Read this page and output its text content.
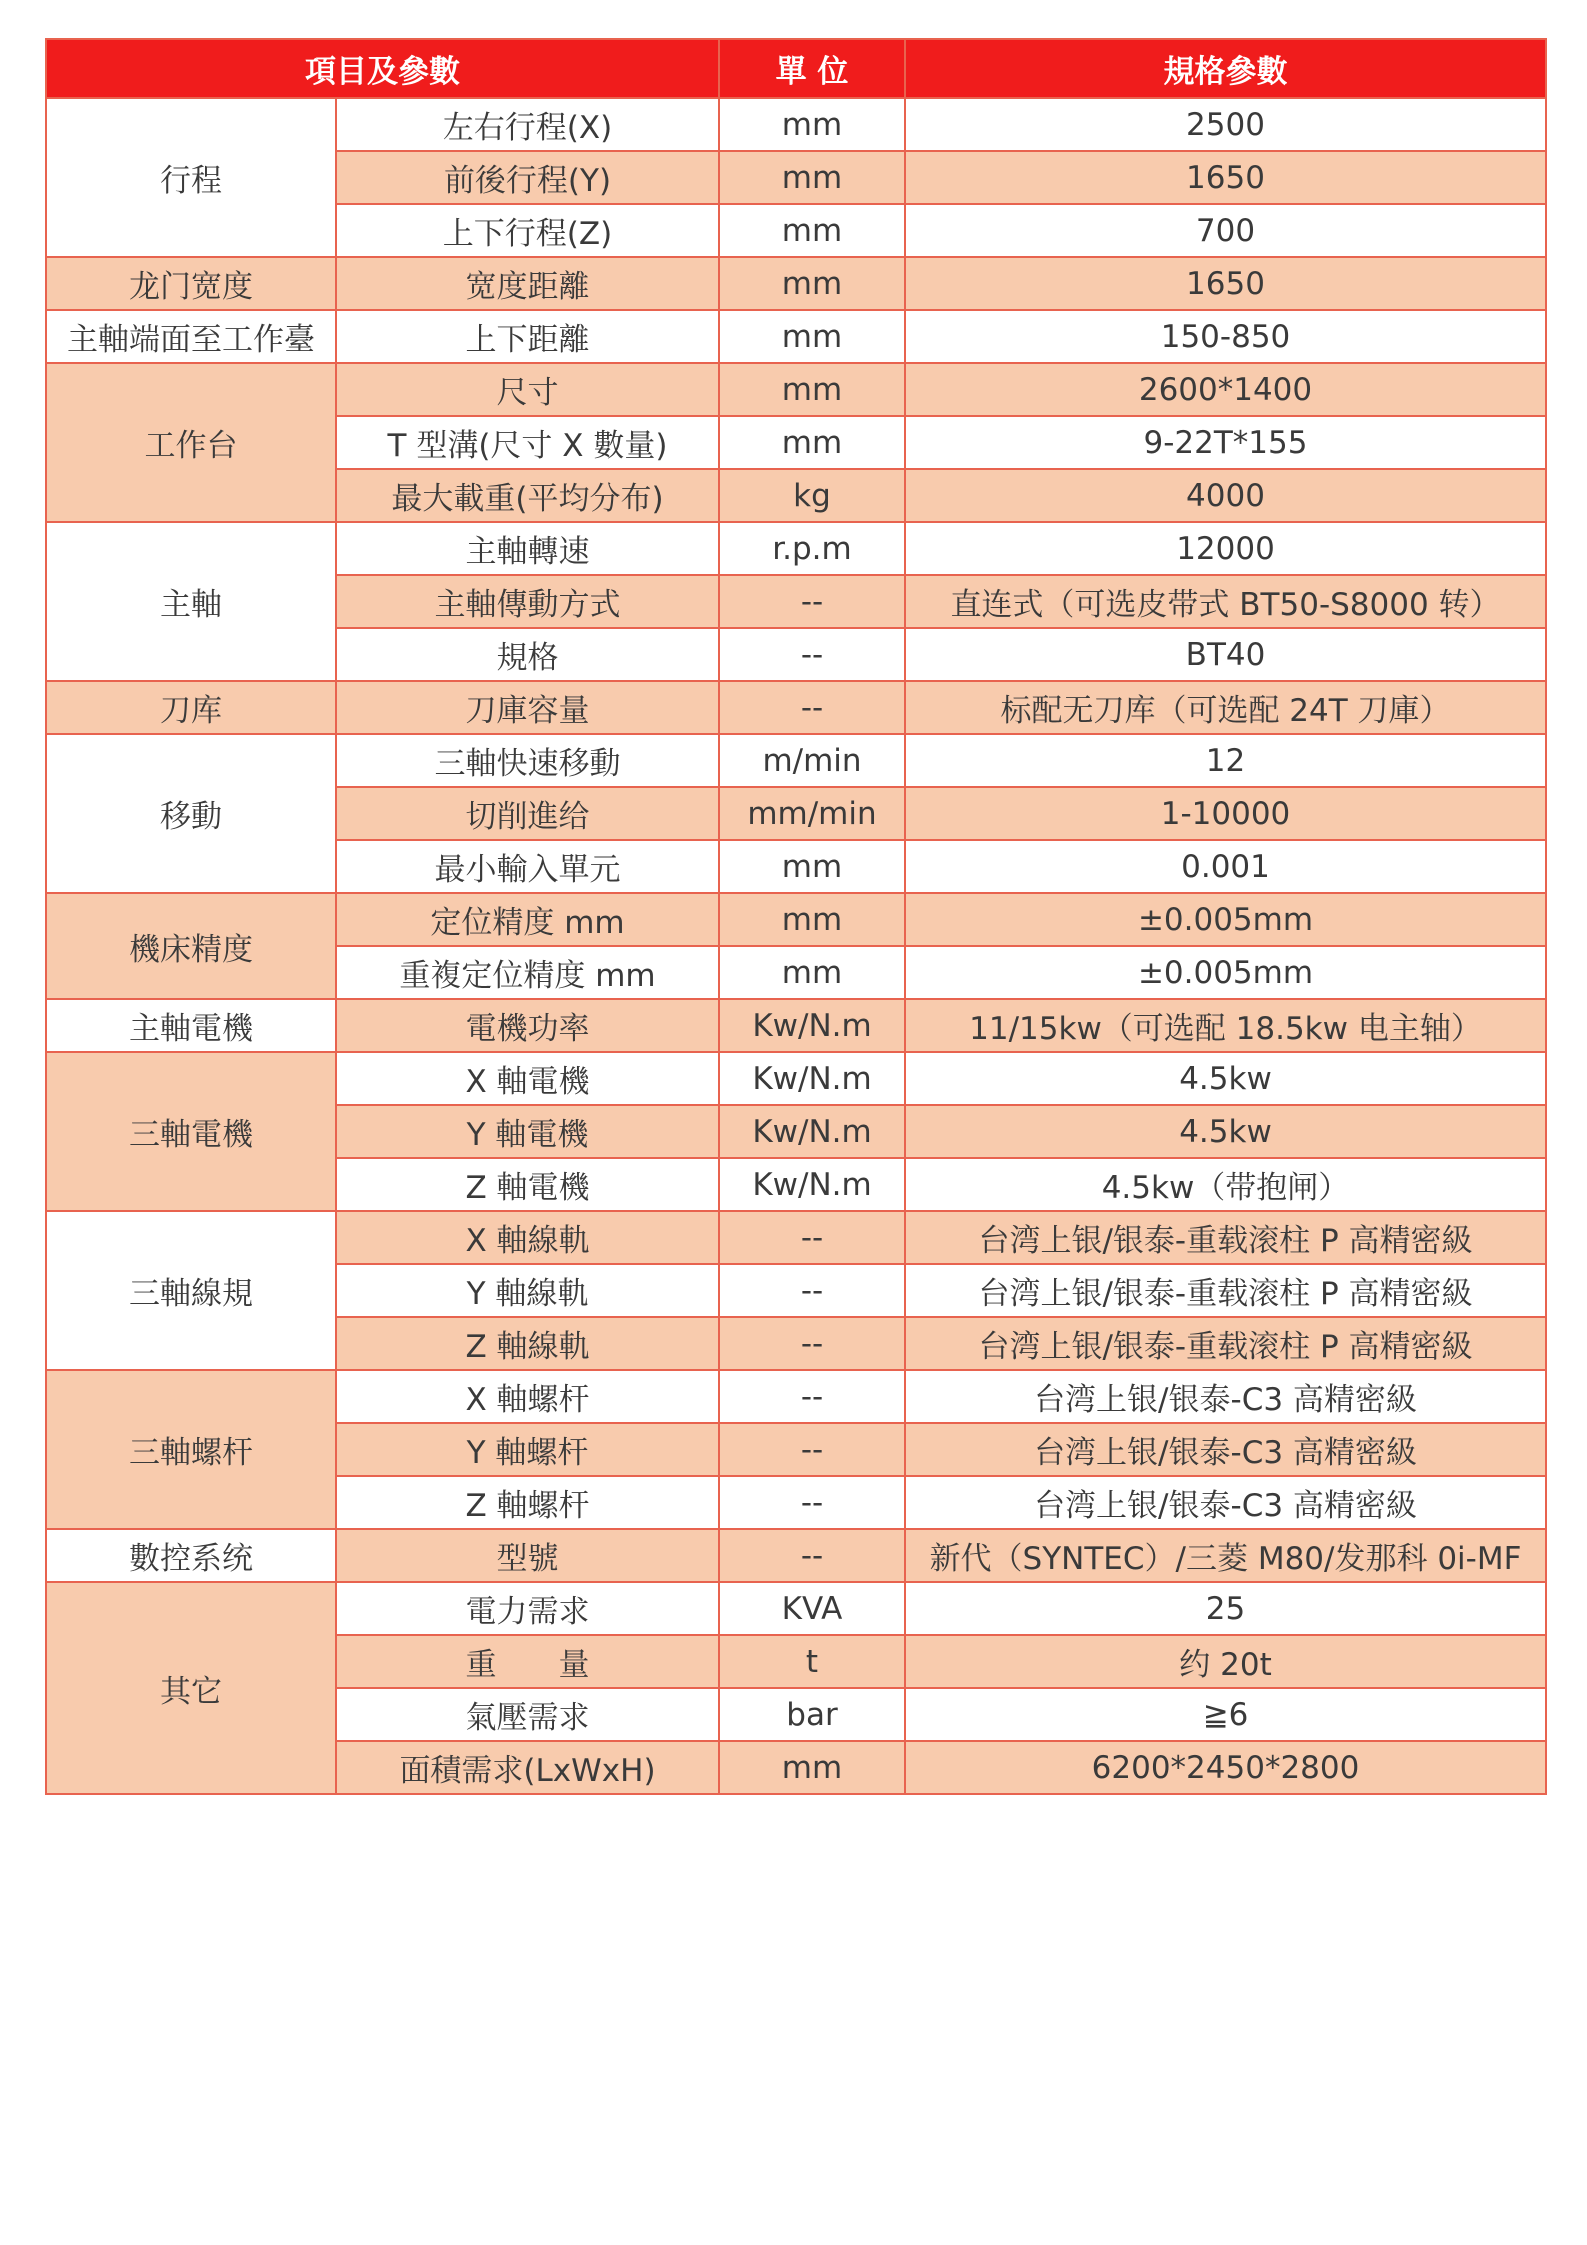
項目及參數		單 位	規格參數
行程	左右行程(X)	mm	2500
	前後行程(Y)	mm	1650
	上下行程(Z)	mm	700
龙门宽度	宽度距離	mm	1650
主軸端面至工作臺	上下距離	mm	150-850
工作台	尺寸	mm	2600*1400
	T 型溝(尺寸 X 數量)	mm	9-22T*155
	最大載重(平均分布)	kg	4000
主軸	主軸轉速	r.p.m	12000
	主軸傳動方式	--	直连式（可选皮带式 BT50-S8000 转）
	規格	--	BT40
刀库	刀庫容量	--	标配无刀库（可选配 24T 刀庫）
移動	三軸快速移動	m/min	12
	切削進给	mm/min	1-10000
	最小輸入單元	mm	0.001
機床精度	定位精度 mm	mm	±0.005mm
	重複定位精度 mm	mm	±0.005mm
主軸電機	電機功率	Kw/N.m	11/15kw（可选配 18.5kw 电主轴）
三軸電機	X 軸電機	Kw/N.m	4.5kw
	Y 軸電機	Kw/N.m	4.5kw
	Z 軸電機	Kw/N.m	4.5kw（带抱闸）
三軸線規	X 軸線軌	--	台湾上银/银泰-重载滚柱 P 高精密級
	Y 軸線軌	--	台湾上银/银泰-重载滚柱 P 高精密級
	Z 軸線軌	--	台湾上银/银泰-重载滚柱 P 高精密級
三軸螺杆	X 軸螺杆	--	台湾上银/银泰-C3 高精密級
	Y 軸螺杆	--	台湾上银/银泰-C3 高精密級
	Z 軸螺杆	--	台湾上银/银泰-C3 高精密級
數控系统	型號	--	新代（SYNTEC）/三菱 M80/发那科 0i-MF
其它	電力需求	KVA	25
	重　　量	t	约 20t
	氣壓需求	bar	≧6
	面積需求(LxWxH)	mm	6200*2450*2800
